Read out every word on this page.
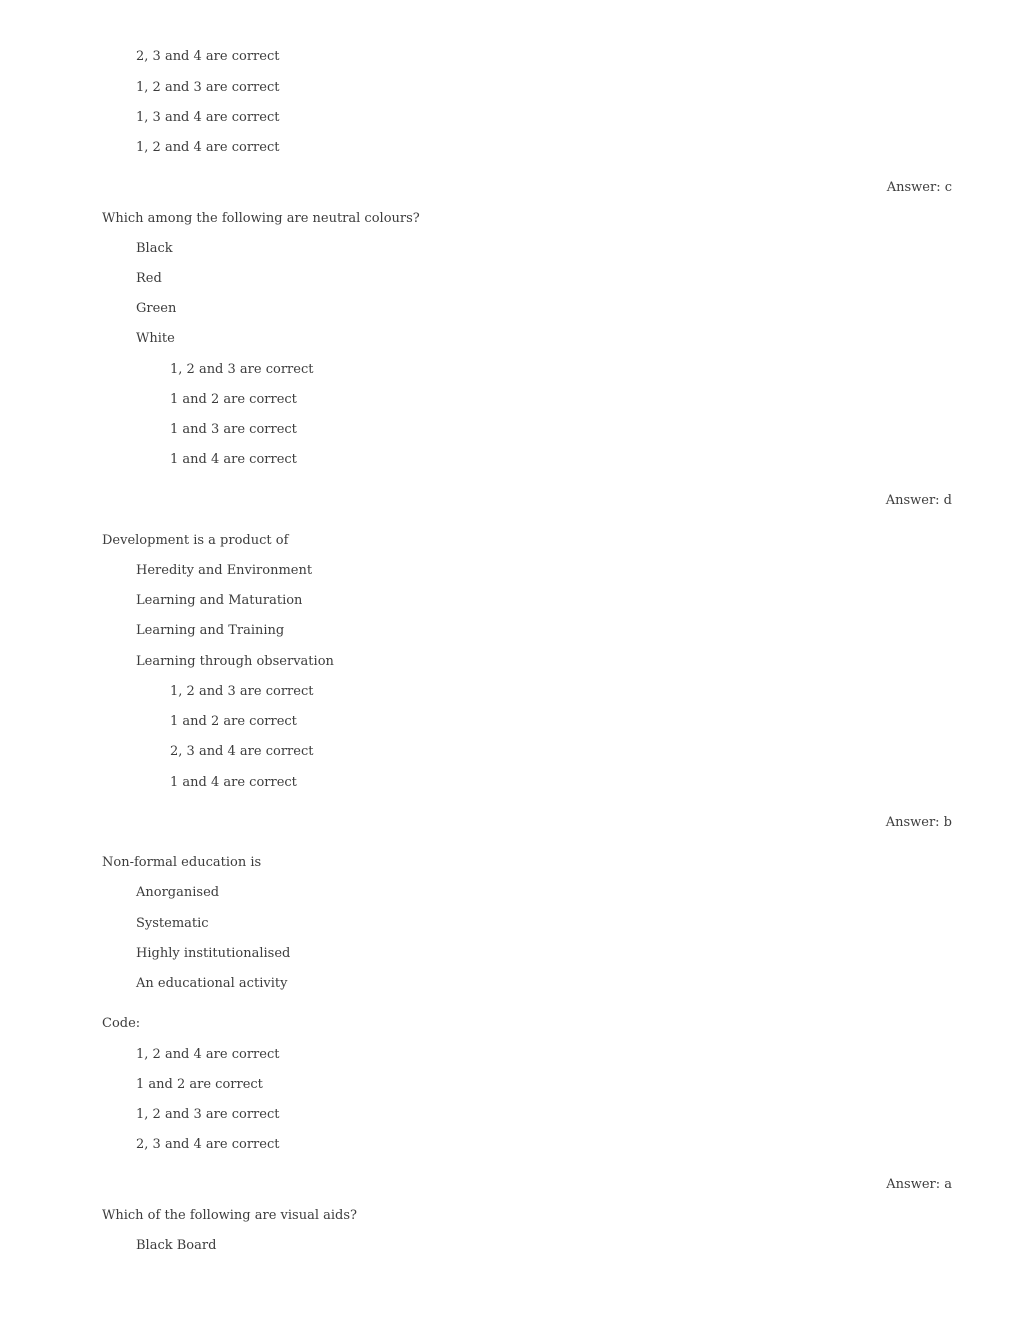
2, 3 and 4 are correct
1, 2 and 3 are correct
1, 3 and 4 are correct
1, 2 and 4 are correct
Answer: c
Which among the following are neutral colours?
Black
Red
Green
White
1, 2 and 3 are correct
1 and 2 are correct
1 and 3 are correct
1 and 4 are correct
Answer: d
Development is a product of
Heredity and Environment
Learning and Maturation
Learning and Training
Learning through observation
1, 2 and 3 are correct
1 and 2 are correct
2, 3 and 4 are correct
1 and 4 are correct
Answer: b
Non-formal education is
Anorganised
Systematic
Highly institutionalised
An educational activity
Code:
1, 2 and 4 are correct
1 and 2 are correct
1, 2 and 3 are correct
2, 3 and 4 are correct
Answer: a
Which of the following are visual aids?
Black Board
